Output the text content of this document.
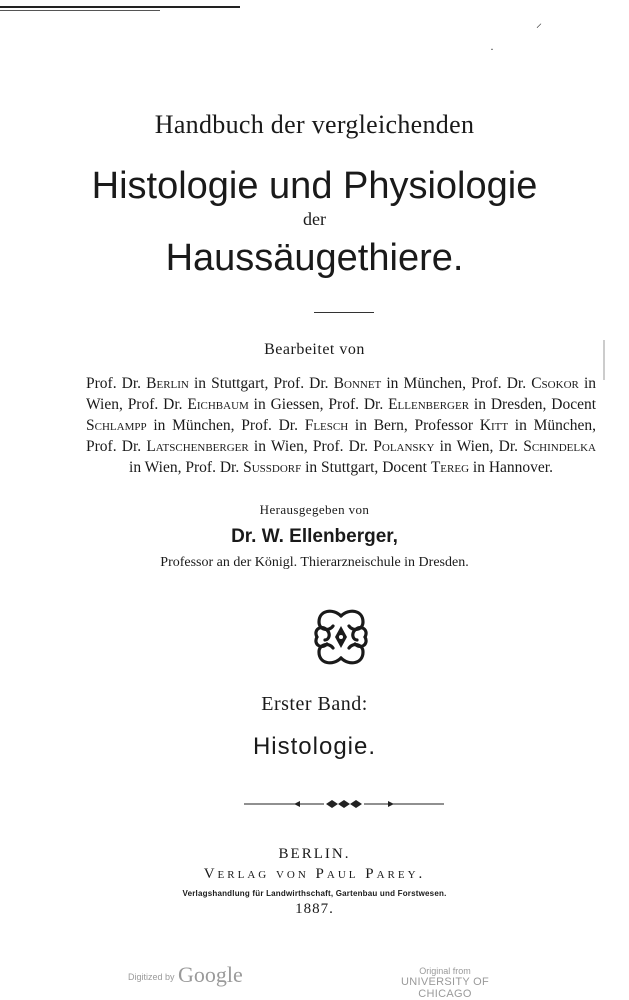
⸝
·
Handbuch der vergleichenden
Histologie und Physiologie
der
Haussäugethiere.
Bearbeitet von
Prof. Dr. Berlin in Stuttgart, Prof. Dr. Bonnet in München, Prof. Dr. Csokor in Wien, Prof. Dr. Eichbaum in Giessen, Prof. Dr. Ellenberger in Dresden, Docent Schlampp in München, Prof. Dr. Flesch in Bern, Professor Kitt in München, Prof. Dr. Latschenberger in Wien, Prof. Dr. Polansky in Wien, Dr. Schindelka in Wien, Prof. Dr. Sussdorf in Stuttgart, Docent Tereg in Hannover.
Herausgegeben von
Dr. W. Ellenberger,
Professor an der Königl. Thierarzneischule in Dresden.
Erster Band:
Histologie.
BERLIN.
Verlag von Paul Parey.
Verlagshandlung für Landwirthschaft, Gartenbau und Forstwesen.
1887.
Digitized by Google	Original from
UNIVERSITY OF CHICAGO
